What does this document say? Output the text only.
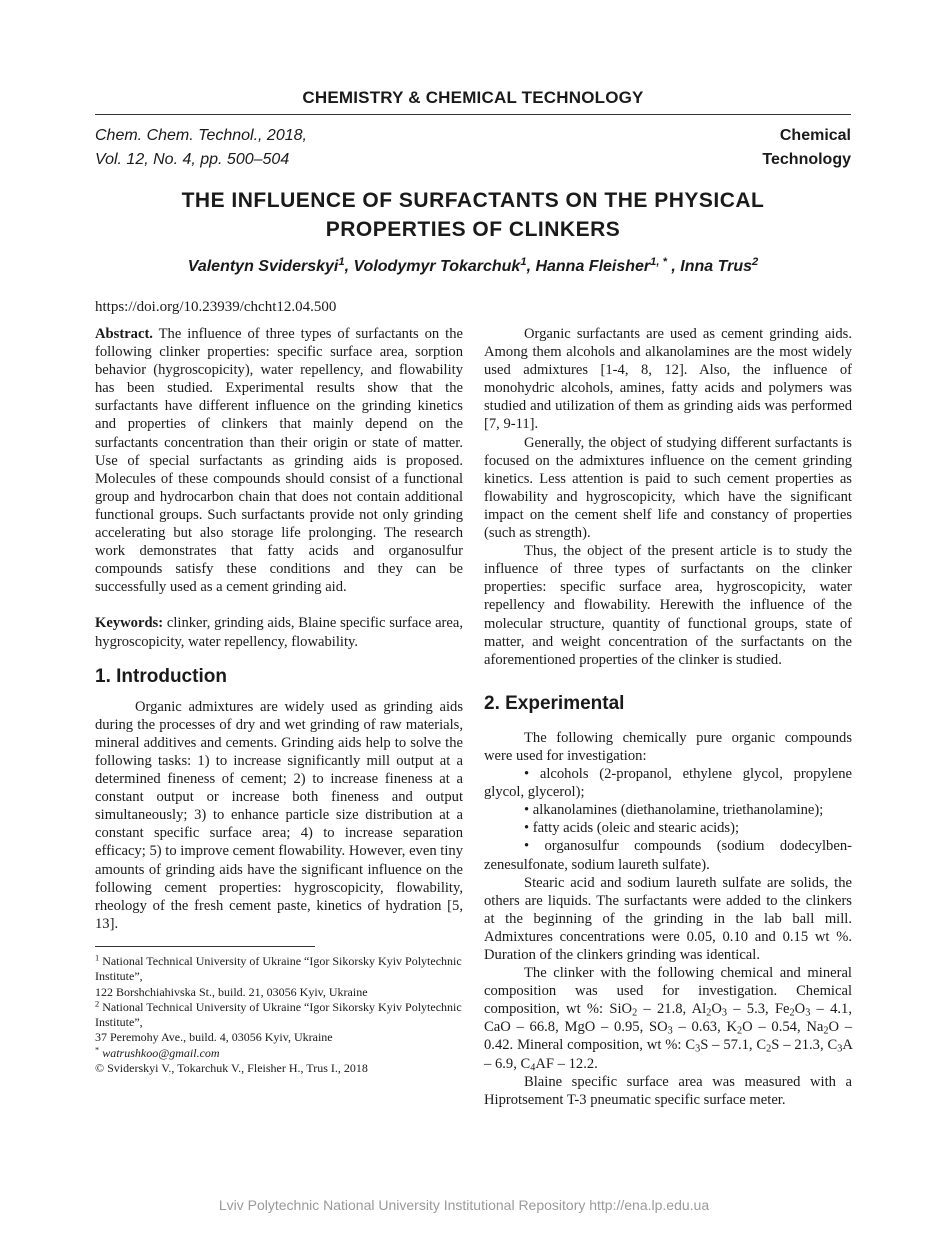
CHEMISTRY & CHEMICAL TECHNOLOGY
Chem. Chem. Technol., 2018,
Vol. 12, No. 4, pp. 500–504
Chemical
Technology
THE INFLUENCE OF SURFACTANTS ON THE PHYSICAL
PROPERTIES OF CLINKERS
Valentyn Sviderskyi$^1$, Volodymyr Tokarchuk$^1$, Hanna Fleisher$^{1, *}$ , Inna Trus$^2$
https://doi.org/10.23939/chcht12.04.500

Abstract. The influence of three types of surfactants on the following clinker properties: specific surface area, sorption behavior (hygroscopicity), water repellency, and flowability has been studied. Experimental results show that the surfactants have different influence on the grinding kinetics and properties of clinkers that mainly depend on the surfactants concentration than their origin or state of matter. Use of special surfactants as grinding aids is proposed. Molecules of these compounds should consist of a functional group and hydrocarbon chain that does not contain additional functional groups. Such surfactants provide not only grinding accelerating but also storage life prolonging. The research work demonstrates that fatty acids and organosulfur compounds satisfy these conditions and they can be successfully used as a cement grinding aid.

Keywords: clinker, grinding aids, Blaine specific surface area, hygroscopicity, water repellency, flowability.

1. Introduction

Organic admixtures are widely used as grinding aids during the processes of dry and wet grinding of raw materials, mineral additives and cements. Grinding aids help to solve the following tasks: 1) to increase significantly mill output at a determined fineness of cement; 2) to increase fineness at a constant output or increase both fineness and output simultaneously; 3) to enhance particle size distribution at a constant specific surface area; 4) to increase separation efficacy; 5) to improve cement flowability. However, even tiny amounts of grinding aids have the significant influence on the following cement properties: hygroscopicity, flowability, rheology of the fresh cement paste, kinetics of hydration [5, 13].

$^1$ National Technical University of Ukraine “Igor Sikorsky Kyiv Polytechnic Institute”,
122 Borshchiahivska St., build. 21, 03056 Kyiv, Ukraine
$^2$ National Technical University of Ukraine “Igor Sikorsky Kyiv Polytechnic Institute”,
37 Peremohy Ave., build. 4, 03056 Kyiv, Ukraine
* watrushkoo@gmail.com
© Sviderskyi V., Tokarchuk V., Fleisher H., Trus I., 2018

Organic surfactants are used as cement grinding aids. Among them alcohols and alkanolamines are the most widely used admixtures [1-4, 8, 12]. Also, the influence of monohydric alcohols, amines, fatty acids and polymers was studied and utilization of them as grinding aids was performed [7, 9-11].

Generally, the object of studying different surfactants is focused on the admixtures influence on the cement grinding kinetics. Less attention is paid to such cement properties as flowability and hygroscopicity, which have the significant impact on the cement shelf life and constancy of properties (such as strength).

Thus, the object of the present article is to study the influence of three types of surfactants on the clinker properties: specific surface area, hygroscopicity, water repellency and flowability. Herewith the influence of the molecular structure, quantity of functional groups, state of matter, and weight concentration of the surfactants on the aforementioned properties of the clinker is studied.

2. Experimental

The following chemically pure organic compounds were used for investigation:

• alcohols (2-propanol, ethylene glycol, propylene glycol, glycerol);

• alkanolamines (diethanolamine, triethanolamine);

• fatty acids (oleic and stearic acids);

• organosulfur compounds (sodium dodecylben-zenesulfonate, sodium laureth sulfate).

Stearic acid and sodium laureth sulfate are solids, the others are liquids. The surfactants were added to the clinkers at the beginning of the grinding in the lab ball mill. Admixtures concentrations were 0.05, 0.10 and 0.15 wt %. Duration of the clinkers grinding was identical.

The clinker with the following chemical and mineral composition was used for investigation. Chemical composition, wt %: SiO$_2$ – 21.8, $Al_2O_3 - 5.3$, $Fe_2O_3 - 4.1$, CaO – 66.8, MgO – 0.95, $SO_3 - 0.63$, $K_2O - 0.54$, $Na_2O - 0.42$. Mineral composition, wt %: $C_3S - 57.1$, $C_2S - 21.3$, $C_3A - 6.9$, $C_4AF - 12.2$.

Blaine specific surface area was measured with a Hiprotsement T-3 pneumatic specific surface meter.

Lviv Polytechnic National University Institutional Repository http://ena.lp.edu.ua
